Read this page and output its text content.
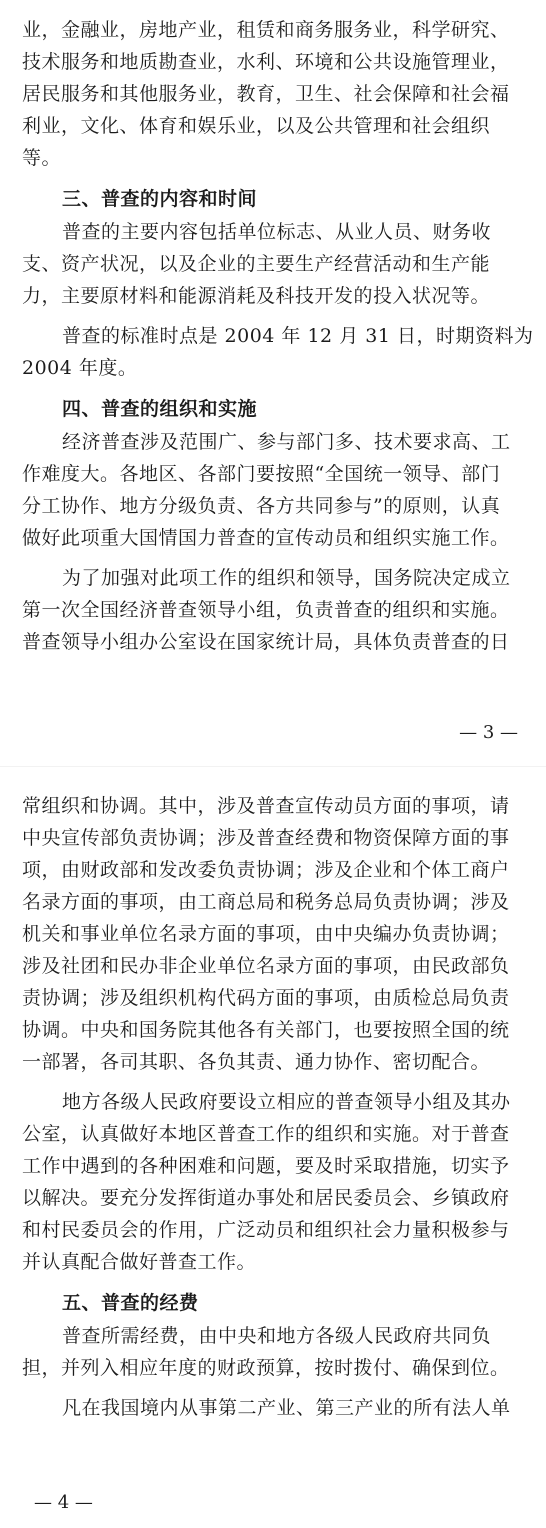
业，金融业，房地产业，租赁和商务服务业，科学研究、
技术服务和地质勘查业，水利、环境和公共设施管理业，
居民服务和其他服务业，教育，卫生、社会保障和社会福
利业，文化、体育和娱乐业，以及公共管理和社会组织
等。
三、普查的内容和时间
普查的主要内容包括单位标志、从业人员、财务收
支、资产状况，以及企业的主要生产经营活动和生产能
力，主要原材料和能源消耗及科技开发的投入状况等。
普查的标准时点是 2004 年 12 月 31 日，时期资料为
2004 年度。
四、普查的组织和实施
经济普查涉及范围广、参与部门多、技术要求高、工
作难度大。各地区、各部门要按照“全国统一领导、部门
分工协作、地方分级负责、各方共同参与”的原则，认真
做好此项重大国情国力普查的宣传动员和组织实施工作。
为了加强对此项工作的组织和领导，国务院决定成立
第一次全国经济普查领导小组，负责普查的组织和实施。
普查领导小组办公室设在国家统计局，具体负责普查的日
— 3 —
常组织和协调。其中，涉及普查宣传动员方面的事项，请
中央宣传部负责协调；涉及普查经费和物资保障方面的事
项，由财政部和发改委负责协调；涉及企业和个体工商户
名录方面的事项，由工商总局和税务总局负责协调；涉及
机关和事业单位名录方面的事项，由中央编办负责协调；
涉及社团和民办非企业单位名录方面的事项，由民政部负
责协调；涉及组织机构代码方面的事项，由质检总局负责
协调。中央和国务院其他各有关部门，也要按照全国的统
一部署，各司其职、各负其责、通力协作、密切配合。
地方各级人民政府要设立相应的普查领导小组及其办
公室，认真做好本地区普查工作的组织和实施。对于普查
工作中遇到的各种困难和问题，要及时采取措施，切实予
以解决。要充分发挥街道办事处和居民委员会、乡镇政府
和村民委员会的作用，广泛动员和组织社会力量积极参与
并认真配合做好普查工作。
五、普查的经费
普查所需经费，由中央和地方各级人民政府共同负
担，并列入相应年度的财政预算，按时拨付、确保到位。
凡在我国境内从事第二产业、第三产业的所有法人单
— 4 —
